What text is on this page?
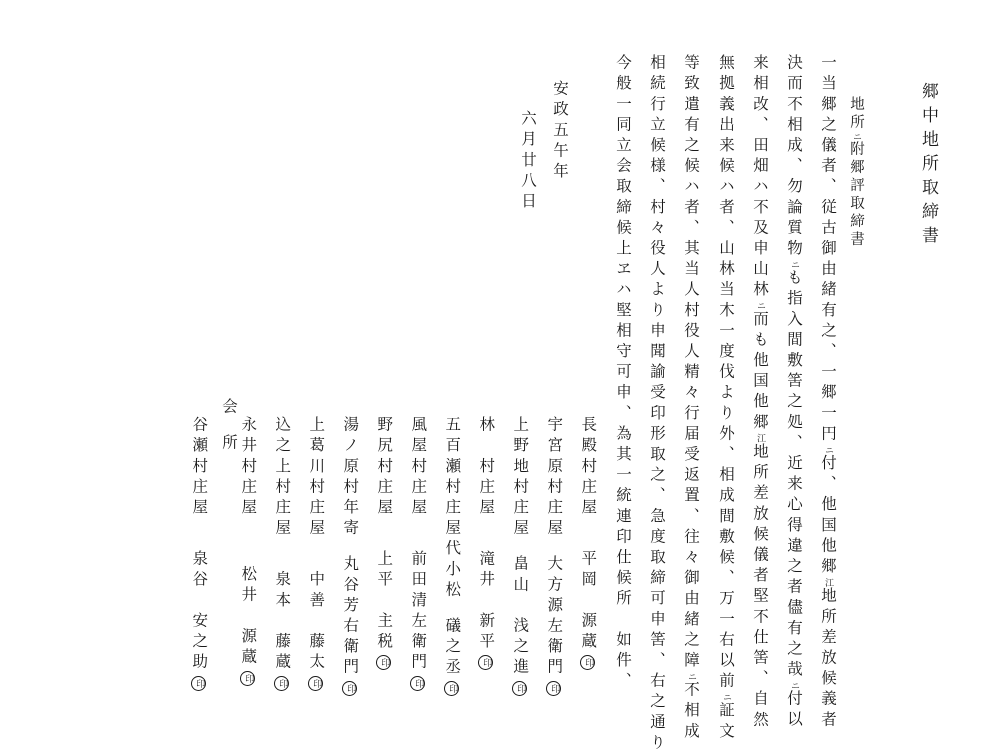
郷中地所取締書
地所ニ附郷評取締書
一当郷之儀者、従古御由緒有之、一郷一円ニ付、他国他郷江地所差放候義者
決而不相成、勿論質物ニも指入間敷筈之処、近来心得違之者儘有之哉ニ付以
来相改、田畑ハ不及申山林ニ而も他国他郷江地所差放候儀者堅不仕筈、自然
無拠義出来候ハ者、山林当木一度伐より外、相成間敷候、万一右以前ニ証文
等致遣有之候ハ者、其当人村役人精々行届受返置、往々御由緒之障ニ不相成
相続行立候様、村々役人より申聞諭受印形取之、急度取締可申筈、右之通り
今般一同立会取締候上ヱハ堅相守可申、為其一統連印仕候所　如件、
長殿村庄屋平岡　源蔵印
宇宮原村庄屋大方源左衛門印
上野地村庄屋畠山　浅之進印
安政五午年
六月廿八日
林　村庄屋滝井　新平印
五百瀬村庄屋代小松礒之丞印
風屋村庄屋前田清左衛門印
野尻村庄屋上平　主税印
湯ノ原村年寄丸谷芳右衛門印
上葛川村庄屋中善　藤太印
込之上村庄屋泉本　藤蔵印
永井村庄屋松井　源蔵印
会
所
谷瀬村庄屋泉谷　安之助印
